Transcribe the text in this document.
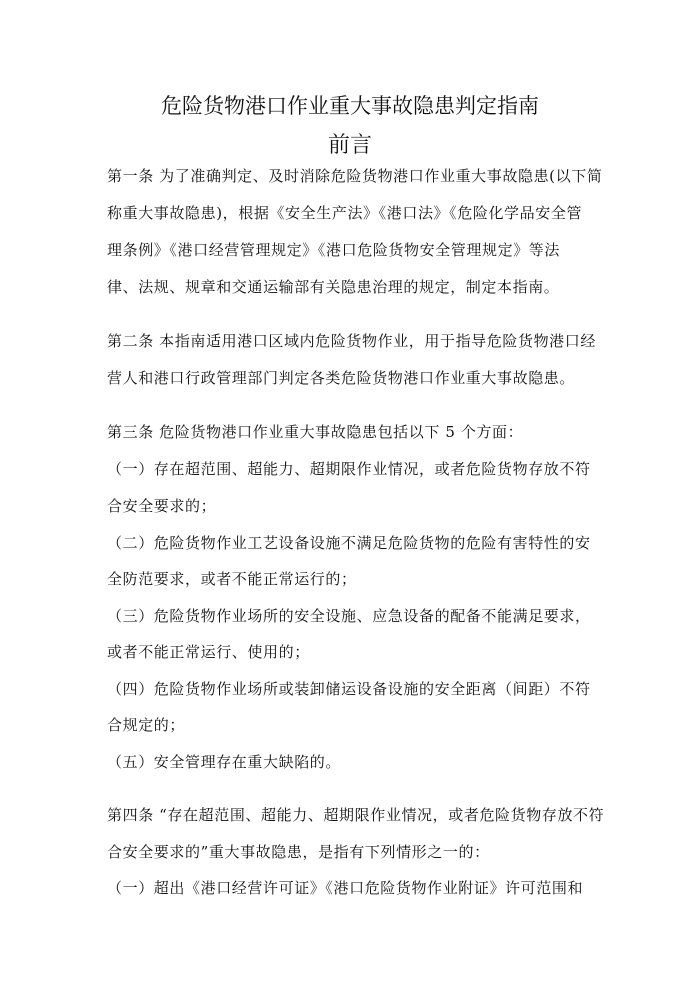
危险货物港口作业重大事故隐患判定指南
前言
第一条 为了准确判定、及时消除危险货物港口作业重大事故隐患(以下简
称重大事故隐患)，根据《安全生产法》《港口法》《危险化学品安全管
理条例》《港口经营管理规定》《港口危险货物安全管理规定》等法
律、法规、规章和交通运输部有关隐患治理的规定，制定本指南。
第二条 本指南适用港口区域内危险货物作业，用于指导危险货物港口经
营人和港口行政管理部门判定各类危险货物港口作业重大事故隐患。
第三条 危险货物港口作业重大事故隐患包括以下 5 个方面：
（一）存在超范围、超能力、超期限作业情况，或者危险货物存放不符
合安全要求的；
（二）危险货物作业工艺设备设施不满足危险货物的危险有害特性的安
全防范要求，或者不能正常运行的；
（三）危险货物作业场所的安全设施、应急设备的配备不能满足要求，
或者不能正常运行、使用的；
（四）危险货物作业场所或装卸储运设备设施的安全距离（间距）不符
合规定的；
（五）安全管理存在重大缺陷的。
第四条 “存在超范围、超能力、超期限作业情况，或者危险货物存放不符
合安全要求的”重大事故隐患，是指有下列情形之一的：
（一）超出《港口经营许可证》《港口危险货物作业附证》许可范围和
